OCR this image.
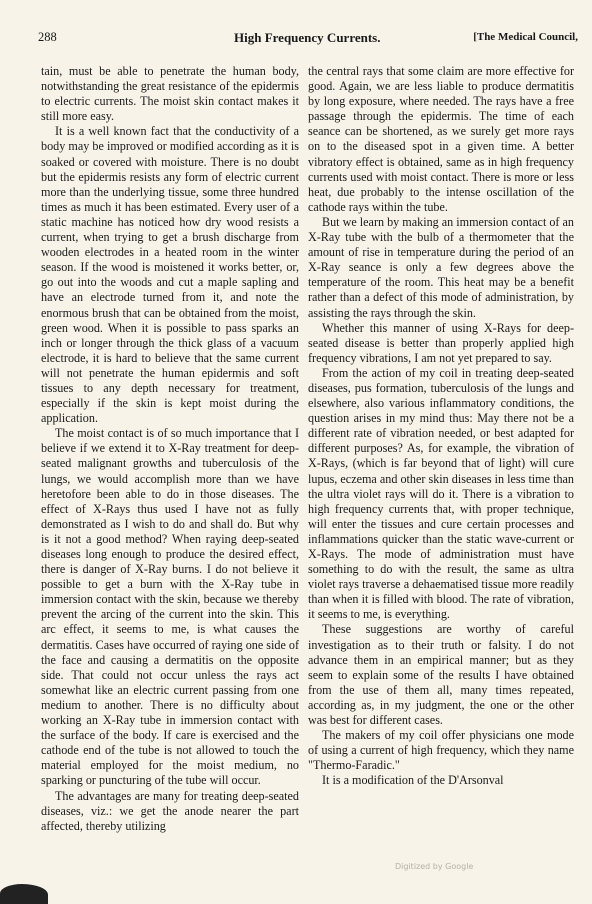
288	High Frequency Currents.	[The Medical Council,

tain, must be able to penetrate the human body, notwithstanding the great resistance of the epidermis to electric currents. The moist skin contact makes it still more easy.

It is a well known fact that the conductivity of a body may be improved or modified according as it is soaked or covered with moisture. There is no doubt but the epidermis resists any form of electric current more than the underlying tissue, some three hundred times as much it has been estimated. Every user of a static machine has noticed how dry wood resists a current, when trying to get a brush discharge from wooden electrodes in a heated room in the winter season. If the wood is moistened it works better, or, go out into the woods and cut a maple sapling and have an electrode turned from it, and note the enormous brush that can be obtained from the moist, green wood. When it is possible to pass sparks an inch or longer through the thick glass of a vacuum electrode, it is hard to believe that the same current will not penetrate the human epidermis and soft tissues to any depth necessary for treatment, especially if the skin is kept moist during the application.

The moist contact is of so much importance that I believe if we extend it to X-Ray treatment for deep-seated malignant growths and tuberculosis of the lungs, we would accomplish more than we have heretofore been able to do in those diseases. The effect of X-Rays thus used I have not as fully demonstrated as I wish to do and shall do. But why is it not a good method? When raying deep-seated diseases long enough to produce the desired effect, there is danger of X-Ray burns. I do not believe it possible to get a burn with the X-Ray tube in immersion contact with the skin, because we thereby prevent the arcing of the current into the skin. This arc effect, it seems to me, is what causes the dermatitis. Cases have occurred of raying one side of the face and causing a dermatitis on the opposite side. That could not occur unless the rays act somewhat like an electric current passing from one medium to another. There is no difficulty about working an X-Ray tube in immersion contact with the surface of the body. If care is exercised and the cathode end of the tube is not allowed to touch the material employed for the moist medium, no sparking or puncturing of the tube will occur.

The advantages are many for treating deep-seated diseases, viz.: we get the anode nearer the part affected, thereby utilizing

the central rays that some claim are more effective for good. Again, we are less liable to produce dermatitis by long exposure, where needed. The rays have a free passage through the epidermis. The time of each seance can be shortened, as we surely get more rays on to the diseased spot in a given time. A better vibratory effect is obtained, same as in high frequency currents used with moist contact. There is more or less heat, due probably to the intense oscillation of the cathode rays within the tube.

But we learn by making an immersion contact of an X-Ray tube with the bulb of a thermometer that the amount of rise in temperature during the period of an X-Ray seance is only a few degrees above the temperature of the room. This heat may be a benefit rather than a defect of this mode of administration, by assisting the rays through the skin.

Whether this manner of using X-Rays for deep-seated disease is better than properly applied high frequency vibrations, I am not yet prepared to say.

From the action of my coil in treating deep-seated diseases, pus formation, tuberculosis of the lungs and elsewhere, also various inflammatory conditions, the question arises in my mind thus: May there not be a different rate of vibration needed, or best adapted for different purposes? As, for example, the vibration of X-Rays, (which is far beyond that of light) will cure lupus, eczema and other skin diseases in less time than the ultra violet rays will do it. There is a vibration to high frequency currents that, with proper technique, will enter the tissues and cure certain processes and inflammations quicker than the static wave-current or X-Rays. The mode of administration must have something to do with the result, the same as ultra violet rays traverse a dehaematised tissue more readily than when it is filled with blood. The rate of vibration, it seems to me, is everything.

These suggestions are worthy of careful investigation as to their truth or falsity. I do not advance them in an empirical manner; but as they seem to explain some of the results I have obtained from the use of them all, many times repeated, according as, in my judgment, the one or the other was best for different cases.

The makers of my coil offer physicians one mode of using a current of high frequency, which they name "Thermo-Faradic."

It is a modification of the D'Arsonval

Digitized by Google
